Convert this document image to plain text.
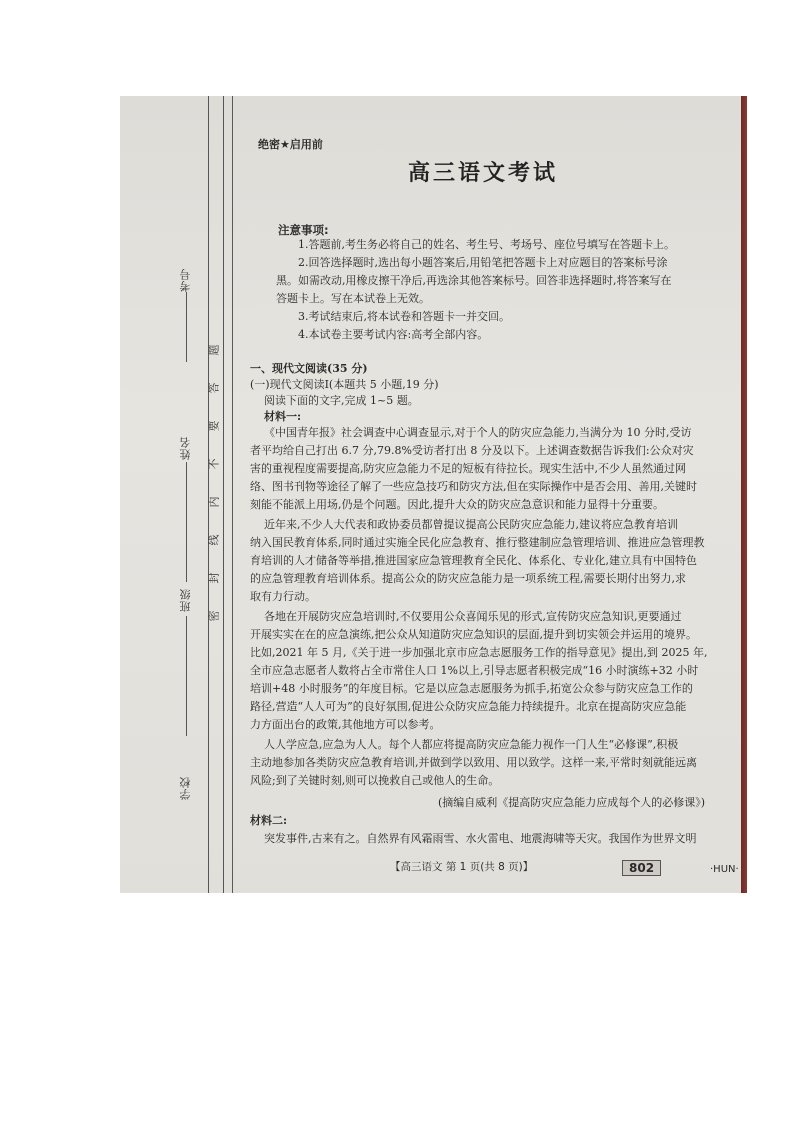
考号
姓名
班级
学校
题
答
要
不
内
线
封
密
绝密★启用前
高三语文考试
注意事项:
1.答题前,考生务必将自己的姓名、考生号、考场号、座位号填写在答题卡上。
2.回答选择题时,选出每小题答案后,用铅笔把答题卡上对应题目的答案标号涂
黑。如需改动,用橡皮擦干净后,再选涂其他答案标号。回答非选择题时,将答案写在
答题卡上。写在本试卷上无效。
3.考试结束后,将本试卷和答题卡一并交回。
4.本试卷主要考试内容:高考全部内容。
一、现代文阅读(35 分)
(一)现代文阅读Ⅰ(本题共 5 小题,19 分)
阅读下面的文字,完成 1~5 题。
材料一:
《中国青年报》社会调查中心调查显示,对于个人的防灾应急能力,当满分为 10 分时,受访
者平均给自己打出 6.7 分,79.8%受访者打出 8 分及以下。上述调查数据告诉我们:公众对灾
害的重视程度需要提高,防灾应急能力不足的短板有待拉长。现实生活中,不少人虽然通过网
络、图书刊物等途径了解了一些应急技巧和防灾方法,但在实际操作中是否会用、善用,关键时
刻能不能派上用场,仍是个问题。因此,提升大众的防灾应急意识和能力显得十分重要。
近年来,不少人大代表和政协委员都曾提议提高公民防灾应急能力,建议将应急教育培训
纳入国民教育体系,同时通过实施全民化应急教育、推行整建制应急管理培训、推进应急管理教
育培训的人才储备等举措,推进国家应急管理教育全民化、体系化、专业化,建立具有中国特色
的应急管理教育培训体系。提高公众的防灾应急能力是一项系统工程,需要长期付出努力,求
取有力行动。
各地在开展防灾应急培训时,不仅要用公众喜闻乐见的形式,宣传防灾应急知识,更要通过
开展实实在在的应急演练,把公众从知道防灾应急知识的层面,提升到切实领会并运用的境界。
比如,2021 年 5 月,《关于进一步加强北京市应急志愿服务工作的指导意见》提出,到 2025 年,
全市应急志愿者人数将占全市常住人口 1%以上,引导志愿者积极完成“16 小时演练+32 小时
培训+48 小时服务”的年度目标。它是以应急志愿服务为抓手,拓宽公众参与防灾应急工作的
路径,营造“人人可为”的良好氛围,促进公众防灾应急能力持续提升。北京在提高防灾应急能
力方面出台的政策,其他地方可以参考。
人人学应急,应急为人人。每个人都应将提高防灾应急能力视作一门人生“必修课”,积极
主动地参加各类防灾应急教育培训,并做到学以致用、用以致学。这样一来,平常时刻就能远离
风险;到了关键时刻,则可以挽救自己或他人的生命。
(摘编自威利《提高防灾应急能力应成每个人的必修课》)
材料二:
突发事件,古来有之。自然界有风霜雨雪、水火雷电、地震海啸等天灾。我国作为世界文明
【高三语文 第 1 页(共 8 页)】	802	·HUN·
